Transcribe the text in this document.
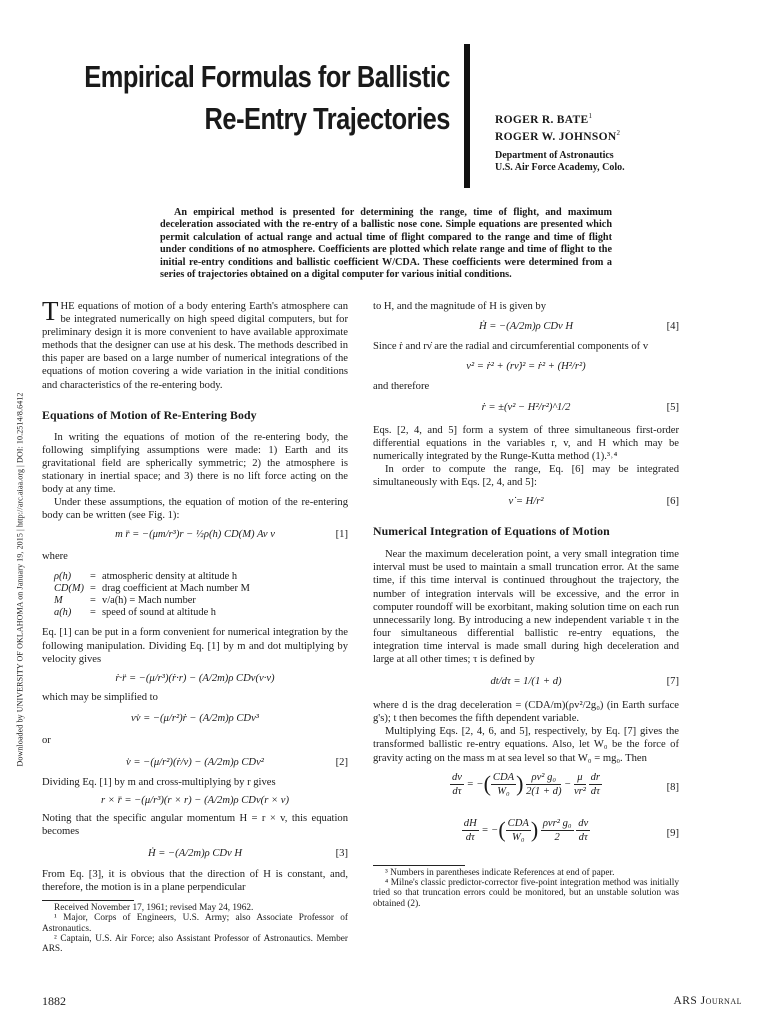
Downloaded by UNIVERSITY OF OKLAHOMA on January 19, 2015 | http://arc.aiaa.org | DOI: 10.2514/8.6412
Empirical Formulas for Ballistic
Re-Entry Trajectories	ROGER R. BATE$^1$
ROGER W. JOHNSON$^2$
Department of Astronautics
U.S. Air Force Academy, Colo.

An empirical method is presented for determining the range, time of flight, and maximum deceleration associated with the re-entry of a ballistic nose cone. Simple equations are presented which permit calculation of actual range and actual time of flight compared to the range and time of flight under conditions of no atmosphere. Coefficients are plotted which relate range and time of flight to the initial re-entry conditions and ballistic coefficient W/CDA. These coefficients were determined from a series of trajectories obtained on a digital computer for various initial conditions.

THE equations of motion of a body entering Earth's atmosphere can be integrated numerically on high speed digital computers, but for preliminary design it is more convenient to have available approximate methods that the designer can use at his desk. The methods described in this paper are based on a large number of numerical integrations of the equations of motion covering a wide variation in the initial conditions and characteristics of the re-entering body.

Equations of Motion of Re-Entering Body

In writing the equations of motion of the re-entering body, the following simplifying assumptions were made: 1) Earth and its gravitational field are spherically symmetric; 2) the atmosphere is stationary in inertial space; and 3) there is no lift force acting on the body at any time.

Under these assumptions, the equation of motion of the re-entering body can be written (see Fig. 1):

m r̈ = −(μm/r³)r − ½ρ(h) CD(M) Av v	[1]

where

ρ(h)	= atmospheric density at altitude h
CD(M) = drag coefficient at Mach number M
M	= v/a(h) = Mach number
a(h)	= speed of sound at altitude h

Eq. [1] can be put in a form convenient for numerical integration by the following manipulation. Dividing Eq. [1] by m and dot multiplying by velocity gives

ṙ·r̈ = −(μ/r³)(ṙ·r) − (A/2m)ρ CDv(v·v)

which may be simplified to

vv̇ = −(μ/r²)ṙ − (A/2m)ρ CDv³

or

v̇ = −(μ/r²)(ṙ/v) − (A/2m)ρ CDv²	[2]

Dividing Eq. [1] by m and cross-multiplying by r gives

r × r̈ = −(μ/r³)(r × r) − (A/2m)ρ CDv(r × v)

Noting that the specific angular momentum H = r × v, this equation becomes

Ḣ = −(A/2m)ρ CDv H	[3]

From Eq. [3], it is obvious that the direction of H is constant, and, therefore, the motion is in a plane perpendicular

Received November 17, 1961; revised May 24, 1962.

¹ Major, Corps of Engineers, U.S. Army; also Associate Professor of Astronautics.

² Captain, U.S. Air Force; also Assistant Professor of Astronautics. Member ARS.

to H, and the magnitude of H is given by

Ḣ = −(A/2m)ρ CDv H	[4]

Since ṙ and rν̇ are the radial and circumferential components of v

v² = ṙ² + (rν̇)² = ṙ² + (H²/r²)

and therefore

ṙ = ±(v² − H²/r²)^1/2	[5]

Eqs. [2, 4, and 5] form a system of three simultaneous first-order differential equations in the variables r, v, and H which may be numerically integrated by the Runge-Kutta method (1).³˒⁴

In order to compute the range, Eq. [6] may be integrated simultaneously with Eqs. [2, 4, and 5]:

ν̇ = H/r²	[6]
Numerical Integration of Equations of Motion

Near the maximum deceleration point, a very small integration time interval must be used to maintain a small truncation error. At the same time, if this time interval is continued throughout the trajectory, the number of integration intervals will be excessive, and the error in computer roundoff will be exorbitant, making solution time on each run unnecessarily long. By introducing a new independent variable τ in the four simultaneous differential ballistic re-entry equations, the integration time interval is made small during high deceleration and large at all other times; τ is defined by

dt/dτ = 1/(1 + d)	[7]

where d is the drag deceleration = (CDA/m)(ρv²/2g₀) (in Earth surface g's); t then becomes the fifth dependent variable.

Multiplying Eqs. [2, 4, 6, and 5], respectively, by Eq. [7] gives the transformed ballistic re-entry equations. Also, let W₀ be the force of gravity acting on the mass m at sea level so that W₀ = mg₀. Then

$\frac{dv}{d\tau}$ = − ( $\frac{\text{CDA}}{\text{W₀}}$ )
$\frac{\text{ρv² g₀}}{2(1 + d)} - \frac{\mu}{\text{vr²}}$
$\frac{dr}{d\tau}$	[8]
$\frac{dH}{d\tau}$ = − ( $\frac{\text{CDA}}{\text{W₀}}$ )
$\frac{\text{ρvr² g₀}}{2}$
$\frac{d\nu}{d\tau}$	[9]

³ Numbers in parentheses indicate References at end of paper.

⁴ Milne's classic predictor-corrector five-point integration method was initially tried so that truncation errors could be monitored, but an unstable solution was obtained (2).

1882	ARS Journal
